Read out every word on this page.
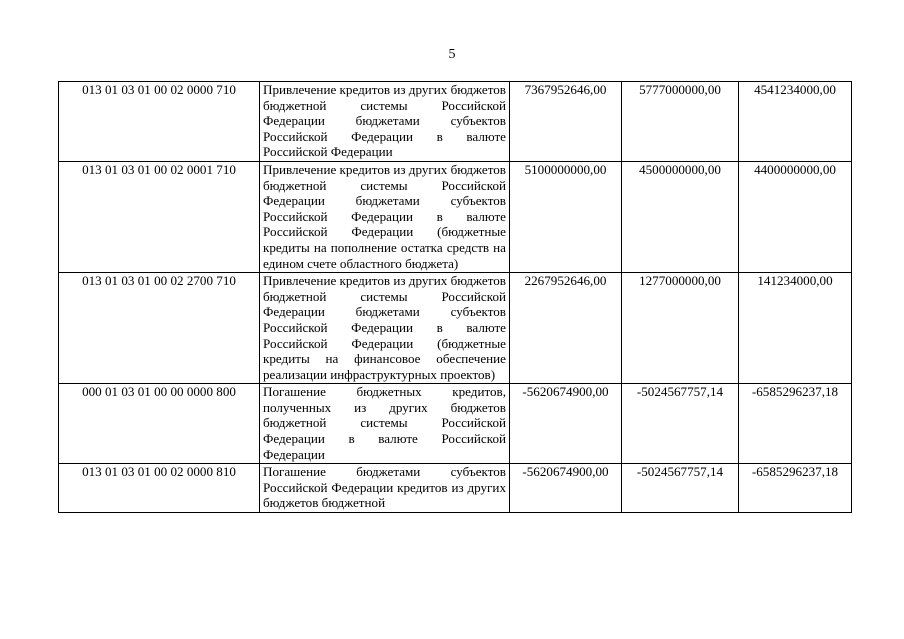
5
013 01 03 01 00 02 0000 710	Привлечение кредитов из других бюджетов бюджетной системы Российской Федерации бюджетами субъектов Российской Федерации в валюте Российской Федерации	7367952646,00	5777000000,00	4541234000,00
013 01 03 01 00 02 0001 710	Привлечение кредитов из других бюджетов бюджетной системы Российской Федерации бюджетами субъектов Российской Федерации в валюте Российской Федерации (бюджетные кредиты на пополнение остатка средств на едином счете областного бюджета)	5100000000,00	4500000000,00	4400000000,00
013 01 03 01 00 02 2700 710	Привлечение кредитов из других бюджетов бюджетной системы Российской Федерации бюджетами субъектов Российской Федерации в валюте Российской Федерации (бюджетные кредиты на финансовое обеспечение реализации инфраструктурных проектов)	2267952646,00	1277000000,00	141234000,00
000 01 03 01 00 00 0000 800	Погашение бюджетных кредитов, полученных из других бюджетов бюджетной системы Российской Федерации в валюте Российской Федерации	-5620674900,00	-5024567757,14	-6585296237,18
013 01 03 01 00 02 0000 810	Погашение бюджетами субъектов Российской Федерации кредитов из других бюджетов бюджетной	-5620674900,00	-5024567757,14	-6585296237,18
